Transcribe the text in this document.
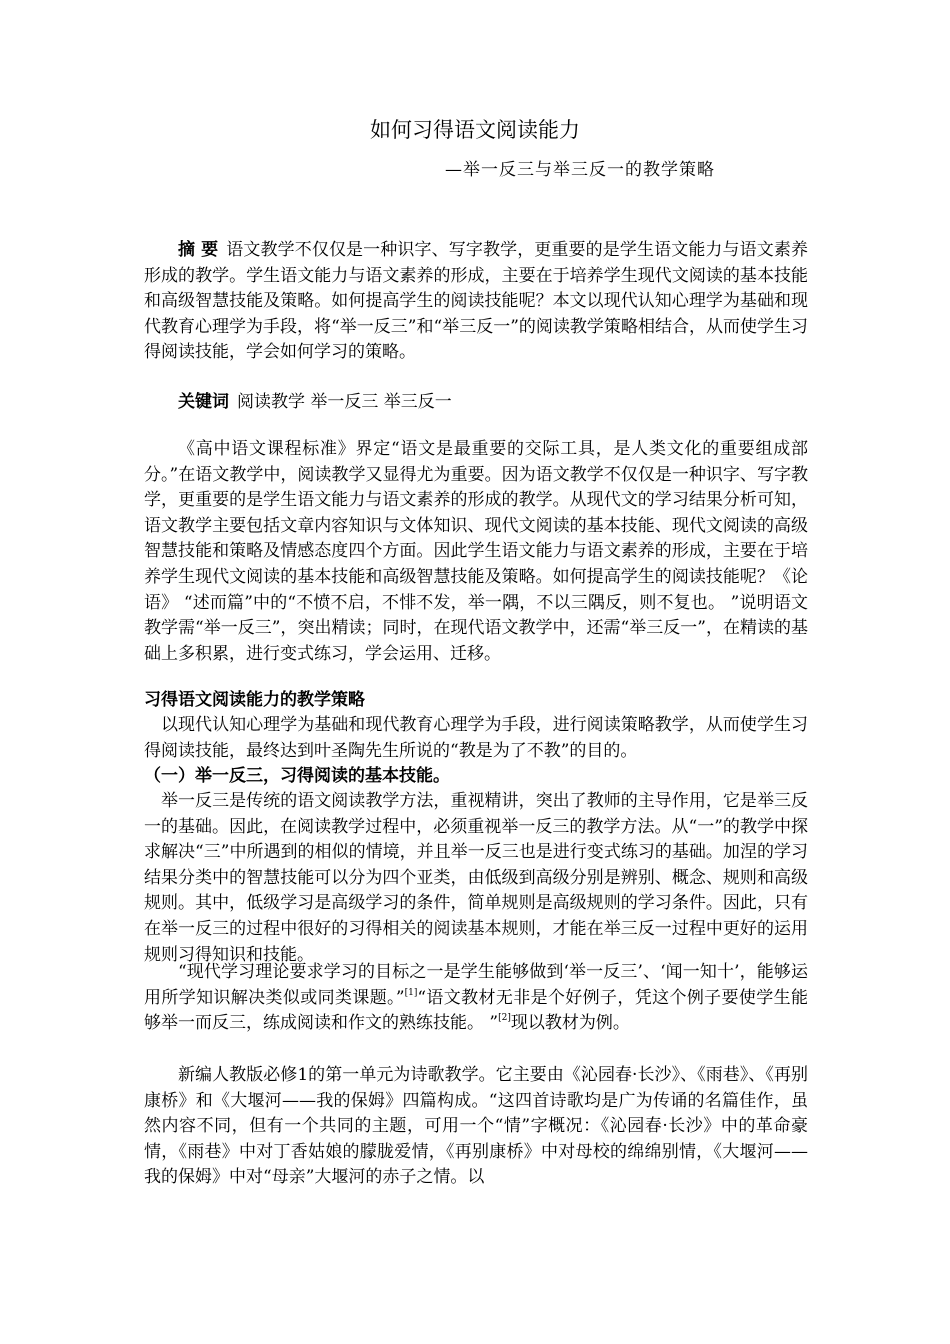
如何习得语文阅读能力
—举一反三与举三反一的教学策略
摘 要 语文教学不仅仅是一种识字、写字教学，更重要的是学生语文能力与语文素养形成的教学。学生语文能力与语文素养的形成，主要在于培养学生现代文阅读的基本技能和高级智慧技能及策略。如何提高学生的阅读技能呢？本文以现代认知心理学为基础和现代教育心理学为手段，将“举一反三”和“举三反一”的阅读教学策略相结合，从而使学生习得阅读技能，学会如何学习的策略。
关键词 阅读教学 举一反三 举三反一
《高中语文课程标准》界定“语文是最重要的交际工具，是人类文化的重要组成部分。”在语文教学中，阅读教学又显得尤为重要。因为语文教学不仅仅是一种识字、写字教学，更重要的是学生语文能力与语文素养的形成的教学。从现代文的学习结果分析可知，语文教学主要包括文章内容知识与文体知识、现代文阅读的基本技能、现代文阅读的高级智慧技能和策略及情感态度四个方面。因此学生语文能力与语文素养的形成，主要在于培养学生现代文阅读的基本技能和高级智慧技能及策略。如何提高学生的阅读技能呢？《论语》 “述而篇”中的“不愤不启，不悱不发，举一隅，不以三隅反，则不复也。 ”说明语文教学需“举一反三”，突出精读；同时，在现代语文教学中，还需“举三反一”，在精读的基础上多积累，进行变式练习，学会运用、迁移。
习得语文阅读能力的教学策略
以现代认知心理学为基础和现代教育心理学为手段，进行阅读策略教学，从而使学生习得阅读技能，最终达到叶圣陶先生所说的“教是为了不教”的目的。
（一）举一反三，习得阅读的基本技能。
举一反三是传统的语文阅读教学方法，重视精讲，突出了教师的主导作用，它是举三反一的基础。因此，在阅读教学过程中，必须重视举一反三的教学方法。从“一”的教学中探求解决“三”中所遇到的相似的情境，并且举一反三也是进行变式练习的基础。加涅的学习结果分类中的智慧技能可以分为四个亚类，由低级到高级分别是辨别、概念、规则和高级规则。其中，低级学习是高级学习的条件，简单规则是高级规则的学习条件。因此，只有在举一反三的过程中很好的习得相关的阅读基本规则，才能在举三反一过程中更好的运用规则习得知识和技能。
“现代学习理论要求学习的目标之一是学生能够做到‘举一反三’、‘闻一知十’，能够运用所学知识解决类似或同类课题。”[1]“语文教材无非是个好例子，凭这个例子要使学生能够举一而反三，练成阅读和作文的熟练技能。 ”[2]现以教材为例。
新编人教版必修1的第一单元为诗歌教学。它主要由《沁园春·长沙》、《雨巷》、《再别康桥》和《大堰河——我的保姆》四篇构成。“这四首诗歌均是广为传诵的名篇佳作，虽然内容不同，但有一个共同的主题，可用一个“情”字概况：《沁园春·长沙》中的革命豪情，《雨巷》中对丁香姑娘的朦胧爱情，《再别康桥》中对母校的绵绵别情，《大堰河——我的保姆》中对“母亲”大堰河的赤子之情。以
